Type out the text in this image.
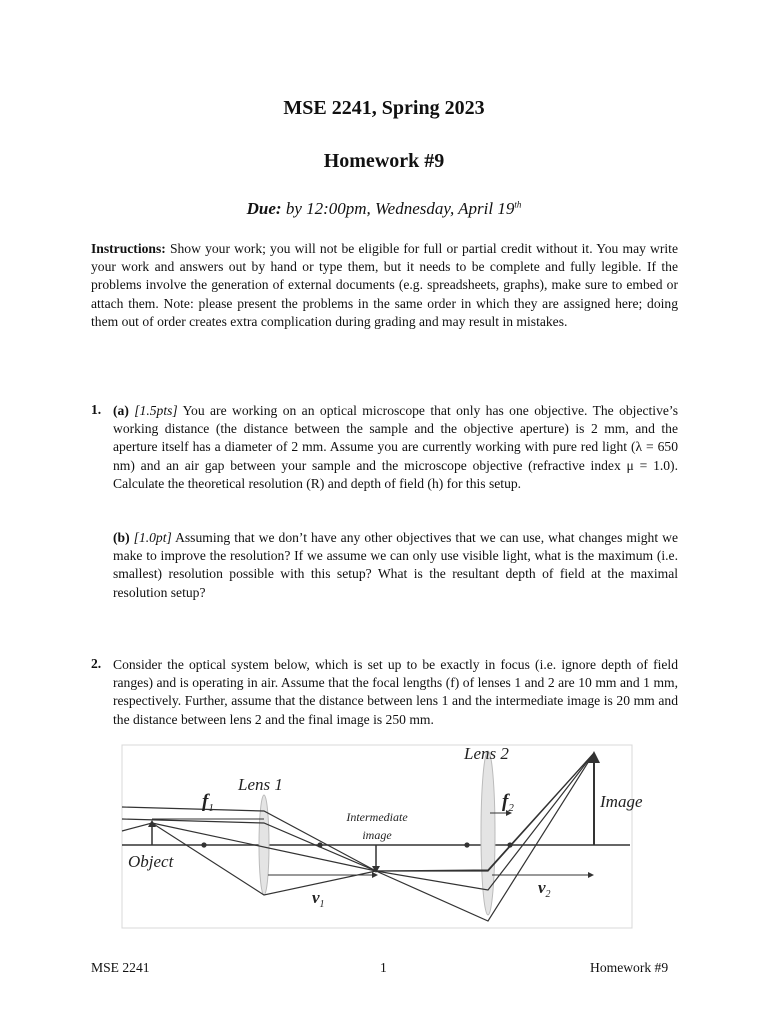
MSE 2241, Spring 2023
Homework #9
Due: by 12:00pm, Wednesday, April 19th
Instructions: Show your work; you will not be eligible for full or partial credit without it. You may write your work and answers out by hand or type them, but it needs to be complete and fully legible. If the problems involve the generation of external documents (e.g. spreadsheets, graphs), make sure to embed or attach them. Note: please present the problems in the same order in which they are assigned here; doing them out of order creates extra complication during grading and may result in mistakes.
1. (a) [1.5pts] You are working on an optical microscope that only has one objective. The objective’s working distance (the distance between the sample and the objective aperture) is 2 mm, and the aperture itself has a diameter of 2 mm. Assume you are currently working with pure red light (λ = 650 nm) and an air gap between your sample and the microscope objective (refractive index μ = 1.0). Calculate the theoretical resolution (R) and depth of field (h) for this setup.
(b) [1.0pt] Assuming that we don’t have any other objectives that we can use, what changes might we make to improve the resolution? If we assume we can only use visible light, what is the maximum (i.e. smallest) resolution possible with this setup? What is the resultant depth of field at the maximal resolution setup?
2. Consider the optical system below, which is set up to be exactly in focus (i.e. ignore depth of field ranges) and is operating in air. Assume that the focal lengths (f) of lenses 1 and 2 are 10 mm and 1 mm, respectively. Further, assume that the distance between lens 1 and the intermediate image is 20 mm and the distance between lens 2 and the final image is 250 mm.
Lens 1
Lens 2
$f_1$	$f_2$	Image
Intermediate
image
Object
$v_1$
$v_2$
MSE 2241	1	Homework #9
